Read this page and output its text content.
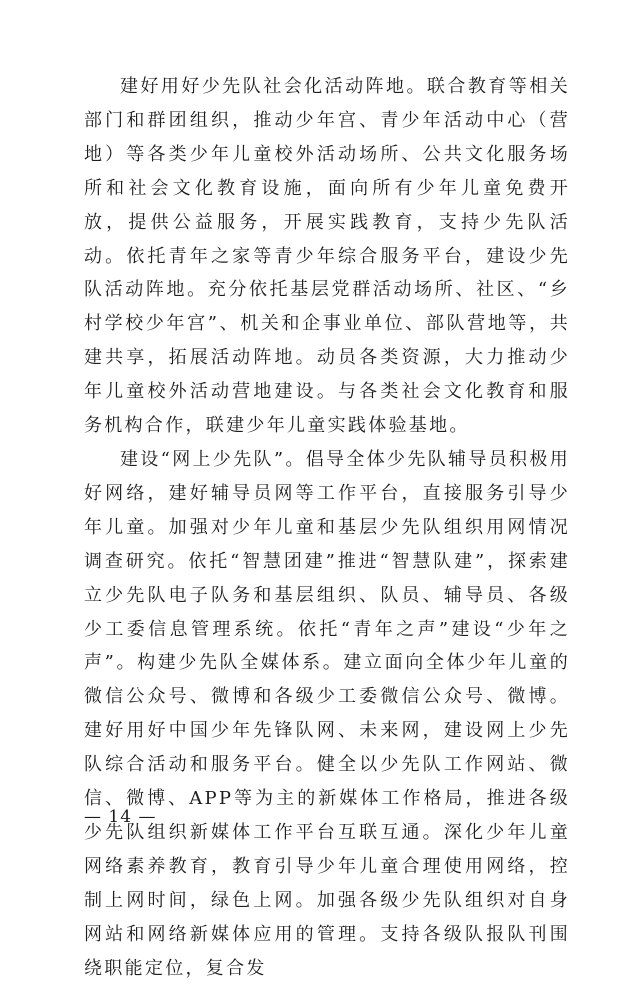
建好用好少先队社会化活动阵地。联合教育等相关部门和群团组织，推动少年宫、青少年活动中心（营地）等各类少年儿童校外活动场所、公共文化服务场所和社会文化教育设施，面向所有少年儿童免费开放，提供公益服务，开展实践教育，支持少先队活动。依托青年之家等青少年综合服务平台，建设少先队活动阵地。充分依托基层党群活动场所、社区、“乡村学校少年宫”、机关和企事业单位、部队营地等，共建共享，拓展活动阵地。动员各类资源，大力推动少年儿童校外活动营地建设。与各类社会文化教育和服务机构合作，联建少年儿童实践体验基地。

建设“网上少先队”。倡导全体少先队辅导员积极用好网络，建好辅导员网等工作平台，直接服务引导少年儿童。加强对少年儿童和基层少先队组织用网情况调查研究。依托“智慧团建”推进“智慧队建”，探索建立少先队电子队务和基层组织、队员、辅导员、各级少工委信息管理系统。依托“青年之声”建设“少年之声”。构建少先队全媒体系。建立面向全体少年儿童的微信公众号、微博和各级少工委微信公众号、微博。建好用好中国少年先锋队网、未来网，建设网上少先队综合活动和服务平台。健全以少先队工作网站、微信、微博、APP等为主的新媒体工作格局，推进各级少先队组织新媒体工作平台互联互通。深化少年儿童网络素养教育，教育引导少年儿童合理使用网络，控制上网时间，绿色上网。加强各级少先队组织对自身网站和网络新媒体应用的管理。支持各级队报队刊围绕职能定位，复合发

— 14 —
